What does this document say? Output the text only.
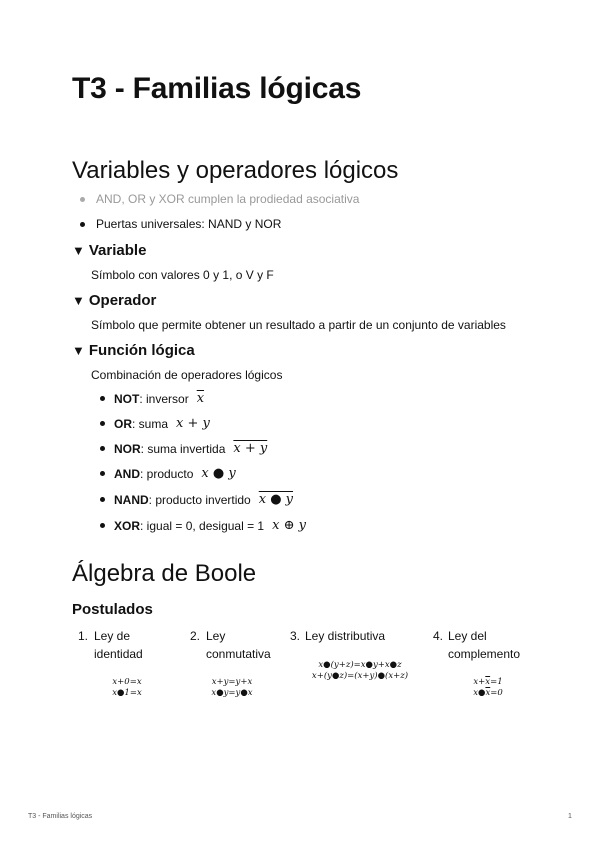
T3 - Familias lógicas
Variables y operadores lógicos
AND, OR y XOR cumplen la prodiedad asociativa
Puertas universales: NAND y NOR
▼ Variable
Símbolo con valores 0 y 1, o V y F
▼ Operador
Símbolo que permite obtener un resultado a partir de un conjunto de variables
▼ Función lógica
Combinación de operadores lógicos
NOT : inversor $\overline{x}$
OR : suma x + y
NOR : suma invertida x + y
AND : producto x ● y
NAND : producto invertido x ● y
XOR : igual = 0, desigual = 1 x ⊕ y
Álgebra de Boole
Postulados
1. Ley de
identidad
x+0=x
x●1=x
2. Ley
conmutativa
x+y=y+x
x●y=y●x
3. Ley distributiva
x●(y+z)=x●y+x●z
x+(y●z)=(x+y)●(x+z)
4. Ley del
complemento
$x+\overline{x}=1$
$x●\overline{x}=0$
T3 - Familias lógicas	1
